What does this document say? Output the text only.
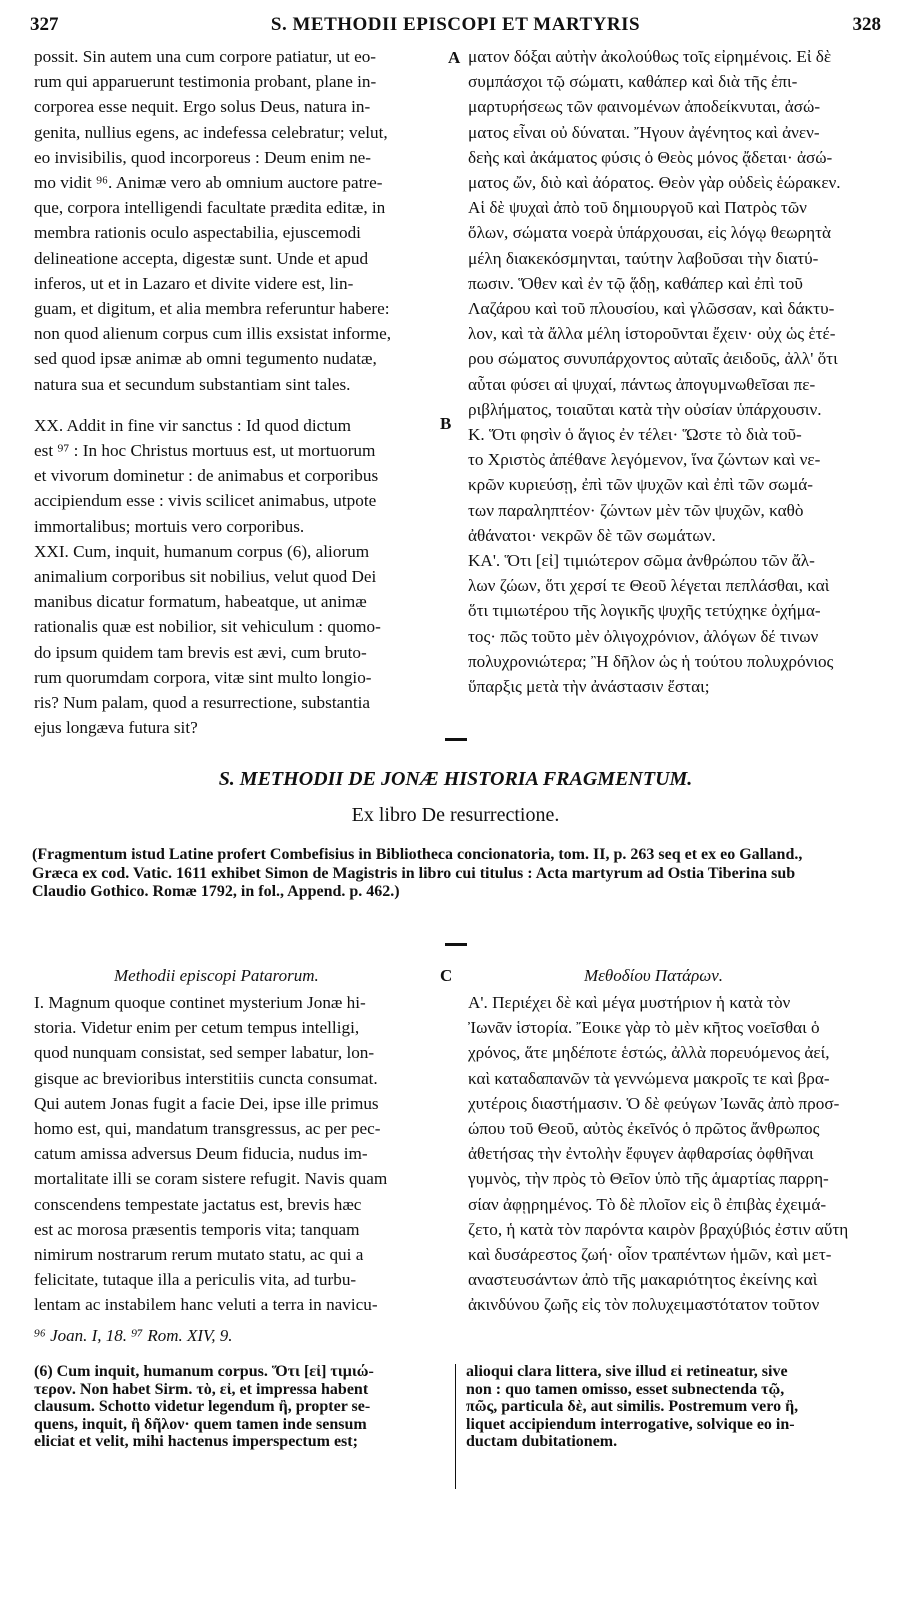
327	S. METHODII EPISCOPI ET MARTYRIS	328
possit. Sin autem una cum corpore patiatur, ut eo-
rum qui apparuerunt testimonia probant, plane in-
corporea esse nequit. Ergo solus Deus, natura in-
genita, nullius egens, ac indefessa celebratur; velut,
eo invisibilis, quod incorporeus : Deum enim ne-
mo vidit ⁹⁶. Animæ vero ab omnium auctore patre-
que, corpora intelligendi facultate prædita editæ, in
membra rationis oculo aspectabilia, ejuscemodi
delineatione accepta, digestæ sunt. Unde et apud
inferos, ut et in Lazaro et divite videre est, lin-
guam, et digitum, et alia membra referuntur habere:
non quod alienum corpus cum illis exsistat informe,
sed quod ipsæ animæ ab omni tegumento nudatæ,
natura sua et secundum substantiam sint tales.
XX. Addit in fine vir sanctus : Id quod dictum
est ⁹⁷ : In hoc Christus mortuus est, ut mortuorum
et vivorum dominetur : de animabus et corporibus
accipiendum esse : vivis scilicet animabus, utpote
immortalibus; mortuis vero corporibus.
XXI. Cum, inquit, humanum corpus (6), aliorum
animalium corporibus sit nobilius, velut quod Dei
manibus dicatur formatum, habeatque, ut animæ
rationalis quæ est nobilior, sit vehiculum : quomo-
do ipsum quidem tam brevis est ævi, cum bruto-
rum quorumdam corpora, vitæ sint multo longio-
ris? Num palam, quod a resurrectione, substantia
ejus longæva futura sit?
A
B
ματον δόξαι αὐτὴν ἀκολούθως τοῖς εἰρημένοις. Εἰ δὲ
συμπάσχοι τῷ σώματι, καθάπερ καὶ διὰ τῆς ἐπι-
μαρτυρήσεως τῶν φαινομένων ἀποδείκνυται, ἀσώ-
ματος εἶναι οὐ δύναται. Ἤγουν ἀγένητος καὶ ἀνεν-
δεὴς καὶ ἀκάματος φύσις ὁ Θεὸς μόνος ᾄδεται· ἀσώ-
ματος ὤν, διὸ καὶ ἀόρατος. Θεὸν γὰρ οὐδεὶς ἑώρακεν.
Αἱ δὲ ψυχαὶ ἀπὸ τοῦ δημιουργοῦ καὶ Πατρὸς τῶν
ὅλων, σώματα νοερὰ ὑπάρχουσαι, εἰς λόγῳ θεωρητὰ
μέλη διακεκόσμηνται, ταύτην λαβοῦσαι τὴν διατύ-
πωσιν. Ὅθεν καὶ ἐν τῷ ᾅδῃ, καθάπερ καὶ ἐπὶ τοῦ
Λαζάρου καὶ τοῦ πλουσίου, καὶ γλῶσσαν, καὶ δάκτυ-
λον, καὶ τὰ ἄλλα μέλη ἱστοροῦνται ἔχειν· οὐχ ὡς ἑτέ-
ρου σώματος συνυπάρχοντος αὐταῖς ἀειδοῦς, ἀλλ' ὅτι
αὗται φύσει αἱ ψυχαί, πάντως ἀπογυμνωθεῖσαι πε-
ριβλήματος, τοιαῦται κατὰ τὴν οὐσίαν ὑπάρχουσιν.
Κ. Ὅτι φησὶν ὁ ἅγιος ἐν τέλει· Ὥστε τὸ διὰ τοῦ-
το Χριστὸς ἀπέθανε λεγόμενον, ἵνα ζώντων καὶ νε-
κρῶν κυριεύσῃ, ἐπὶ τῶν ψυχῶν καὶ ἐπὶ τῶν σωμά-
των παραληπτέον· ζώντων μὲν τῶν ψυχῶν, καθὸ
ἀθάνατοι· νεκρῶν δὲ τῶν σωμάτων.
ΚΑ'. Ὅτι [εἰ] τιμιώτερον σῶμα ἀνθρώπου τῶν ἄλ-
λων ζώων, ὅτι χερσί τε Θεοῦ λέγεται πεπλάσθαι, καὶ
ὅτι τιμιωτέρου τῆς λογικῆς ψυχῆς τετύχηκε ὀχήμα-
τος· πῶς τοῦτο μὲν ὀλιγοχρόνιον, ἀλόγων δέ τινων
πολυχρονιώτερα; Ἢ δῆλον ὡς ἡ τούτου πολυχρόνιος
ὕπαρξις μετὰ τὴν ἀνάστασιν ἔσται;
S. METHODII DE JONÆ HISTORIA FRAGMENTUM.
Ex libro De resurrectione.
(Fragmentum istud Latine profert Combefisius in Bibliotheca concionatoria, tom. II, p. 263 seq et ex eo Galland.,
Græca ex cod. Vatic. 1611 exhibet Simon de Magistris in libro cui titulus : Acta martyrum ad Ostia Tiberina sub
Claudio Gothico. Romæ 1792, in fol., Append. p. 462.)
Methodii episcopi Patarorum.	C	Μεθοδίου Πατάρων.
I. Magnum quoque continet mysterium Jonæ hi-
storia. Videtur enim per cetum tempus intelligi,
quod nunquam consistat, sed semper labatur, lon-
gisque ac brevioribus interstitiis cuncta consumat.
Qui autem Jonas fugit a facie Dei, ipse ille primus
homo est, qui, mandatum transgressus, ac per pec-
catum amissa adversus Deum fiducia, nudus im-
mortalitate illi se coram sistere refugit. Navis quam
conscendens tempestate jactatus est, brevis hæc
est ac morosa præsentis temporis vita; tanquam
nimirum nostrarum rerum mutato statu, ac qui a
felicitate, tutaque illa a periculis vita, ad turbu-
lentam ac instabilem hanc veluti a terra in navicu-
Α'. Περιέχει δὲ καὶ μέγα μυστήριον ἡ κατὰ τὸν
Ἰωνᾶν ἱστορία. Ἔοικε γὰρ τὸ μὲν κῆτος νοεῖσθαι ὁ
χρόνος, ἅτε μηδέποτε ἑστώς, ἀλλὰ πορευόμενος ἀεί,
καὶ καταδαπανῶν τὰ γεννώμενα μακροῖς τε καὶ βρα-
χυτέροις διαστήμασιν. Ὁ δὲ φεύγων Ἰωνᾶς ἀπὸ προσ-
ώπου τοῦ Θεοῦ, αὐτὸς ἐκεῖνός ὁ πρῶτος ἄνθρωπος
ἀθετήσας τὴν ἐντολὴν ἔφυγεν ἀφθαρσίας ὀφθῆναι
γυμνὸς, τὴν πρὸς τὸ Θεῖον ὑπὸ τῆς ἁμαρτίας παρρη-
σίαν ἀφῃρημένος. Τὸ δὲ πλοῖον εἰς ὃ ἐπιβὰς ἐχειμά-
ζετο, ἡ κατὰ τὸν παρόντα καιρὸν βραχύβιός ἐστιν αὕτη
καὶ δυσάρεστος ζωή· οἷον τραπέντων ἡμῶν, καὶ μετ-
αναστευσάντων ἀπὸ τῆς μακαριότητος ἐκείνης καὶ
ἀκινδύνου ζωῆς εἰς τὸν πολυχειμαστότατον τοῦτον
⁹⁶ Joan. I, 18. ⁹⁷ Rom. XIV, 9.
(6) Cum inquit, humanum corpus. Ὅτι [εἰ] τιμιώ-
τερον. Non habet Sirm. τὸ, εἰ, et impressa habent
clausum. Schotto videtur legendum ἢ, propter se-
quens, inquit, ἢ δῆλον· quem tamen inde sensum
eliciat et velit, mihi hactenus imperspectum est;
alioqui clara littera, sive illud εἰ retineatur, sive
non : quo tamen omisso, esset subnectenda τῷ,
πῶς, particula δὲ, aut similis. Postremum vero ἢ,
liquet accipiendum interrogative, solvique eo in-
ductam dubitationem.
